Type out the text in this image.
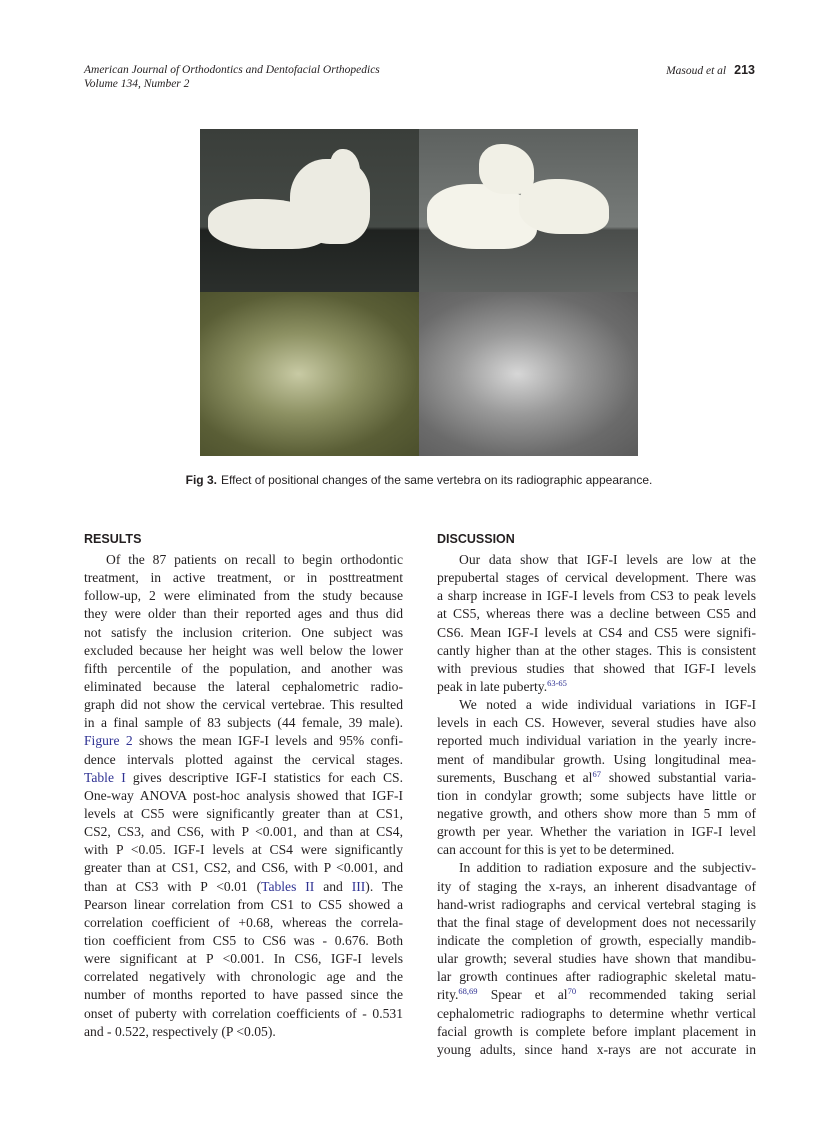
American Journal of Orthodontics and Dentofacial Orthopedics
Volume 134, Number 2
Masoud et al 213
Fig 3. Effect of positional changes of the same vertebra on its radiographic appearance.
RESULTS
Of the 87 patients on recall to begin orthodontic
treatment, in active treatment, or in posttreatment
follow-up, 2 were eliminated from the study because
they were older than their reported ages and thus did
not satisfy the inclusion criterion. One subject was
excluded because her height was well below the lower
fifth percentile of the population, and another was
eliminated because the lateral cephalometric radio-
graph did not show the cervical vertebrae. This resulted
in a final sample of 83 subjects (44 female, 39 male).
Figure 2 shows the mean IGF-I levels and 95% confi-
dence intervals plotted against the cervical stages.
Table I gives descriptive IGF-I statistics for each CS.
One-way ANOVA post-hoc analysis showed that IGF-I
levels at CS5 were significantly greater than at CS1,
CS2, CS3, and CS6, with P <0.001, and than at CS4,
with P <0.05. IGF-I levels at CS4 were significantly
greater than at CS1, CS2, and CS6, with P <0.001, and
than at CS3 with P <0.01 (Tables II and III). The
Pearson linear correlation from CS1 to CS5 showed a
correlation coefficient of +0.68, whereas the correla-
tion coefficient from CS5 to CS6 was - 0.676. Both
were significant at P <0.001. In CS6, IGF-I levels
correlated negatively with chronologic age and the
number of months reported to have passed since the
onset of puberty with correlation coefficients of - 0.531
and - 0.522, respectively (P <0.05).
DISCUSSION
Our data show that IGF-I levels are low at the
prepubertal stages of cervical development. There was
a sharp increase in IGF-I levels from CS3 to peak levels
at CS5, whereas there was a decline between CS5 and
CS6. Mean IGF-I levels at CS4 and CS5 were signifi-
cantly higher than at the other stages. This is consistent
with previous studies that showed that IGF-I levels
peak in late puberty.$^{63-65}$
We noted a wide individual variations in IGF-I
levels in each CS. However, several studies have also
reported much individual variation in the yearly incre-
ment of mandibular growth. Using longitudinal mea-
surements, Buschang et $al^{67}$ showed substantial varia-
tion in condylar growth; some subjects have little or
negative growth, and others show more than 5 mm of
growth per year. Whether the variation in IGF-I level
can account for this is yet to be determined.
In addition to radiation exposure and the subjectiv-
ity of staging the x-rays, an inherent disadvantage of
hand-wrist radiographs and cervical vertebral staging is
that the final stage of development does not necessarily
indicate the completion of growth, especially mandib-
ular growth; several studies have shown that mandibu-
lar growth continues after radiographic skeletal matu-
rity.$^{68,69}$ Spear et $al^{70}$ recommended taking serial
cephalometric radiographs to determine whethr vertical
facial growth is complete before implant placement in
young adults, since hand x-rays are not accurate in
